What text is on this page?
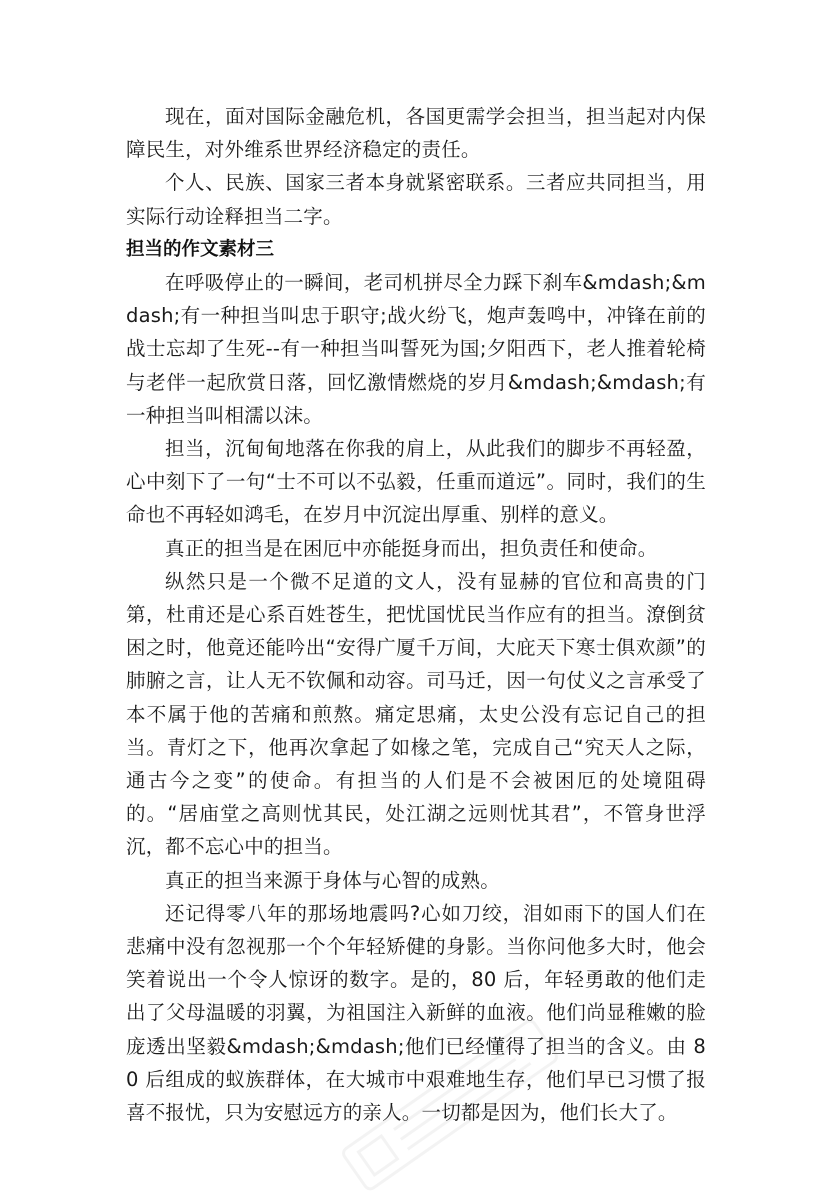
现在，面对国际金融危机，各国更需学会担当，担当起对内保障民生，对外维系世界经济稳定的责任。

个人、民族、国家三者本身就紧密联系。三者应共同担当，用实际行动诠释担当二字。

担当的作文素材三

在呼吸停止的一瞬间，老司机拼尽全力踩下刹车&mdash;&mdash;有一种担当叫忠于职守;战火纷飞，炮声轰鸣中，冲锋在前的战士忘却了生死--有一种担当叫誓死为国;夕阳西下，老人推着轮椅与老伴一起欣赏日落，回忆激情燃烧的岁月&mdash;&mdash;有一种担当叫相濡以沫。

担当，沉甸甸地落在你我的肩上，从此我们的脚步不再轻盈，心中刻下了一句“士不可以不弘毅，任重而道远”。同时，我们的生命也不再轻如鸿毛，在岁月中沉淀出厚重、别样的意义。

真正的担当是在困厄中亦能挺身而出，担负责任和使命。

纵然只是一个微不足道的文人，没有显赫的官位和高贵的门第，杜甫还是心系百姓苍生，把忧国忧民当作应有的担当。潦倒贫困之时，他竟还能吟出“安得广厦千万间，大庇天下寒士俱欢颜”的肺腑之言，让人无不钦佩和动容。司马迁，因一句仗义之言承受了本不属于他的苦痛和煎熬。痛定思痛，太史公没有忘记自己的担当。青灯之下，他再次拿起了如椽之笔，完成自己“究天人之际，通古今之变”的使命。有担当的人们是不会被困厄的处境阻碍的。“居庙堂之高则忧其民，处江湖之远则忧其君”，不管身世浮沉，都不忘心中的担当。

真正的担当来源于身体与心智的成熟。

还记得零八年的那场地震吗?心如刀绞，泪如雨下的国人们在悲痛中没有忽视那一个个年轻矫健的身影。当你问他多大时，他会笑着说出一个令人惊讶的数字。是的，80 后，年轻勇敢的他们走出了父母温暖的羽翼，为祖国注入新鲜的血液。他们尚显稚嫩的脸庞透出坚毅&mdash;&mdash;他们已经懂得了担当的含义。由 80 后组成的蚁族群体，在大城市中艰难地生存，他们早已习惯了报喜不报忧，只为安慰远方的亲人。一切都是因为，他们长大了。
